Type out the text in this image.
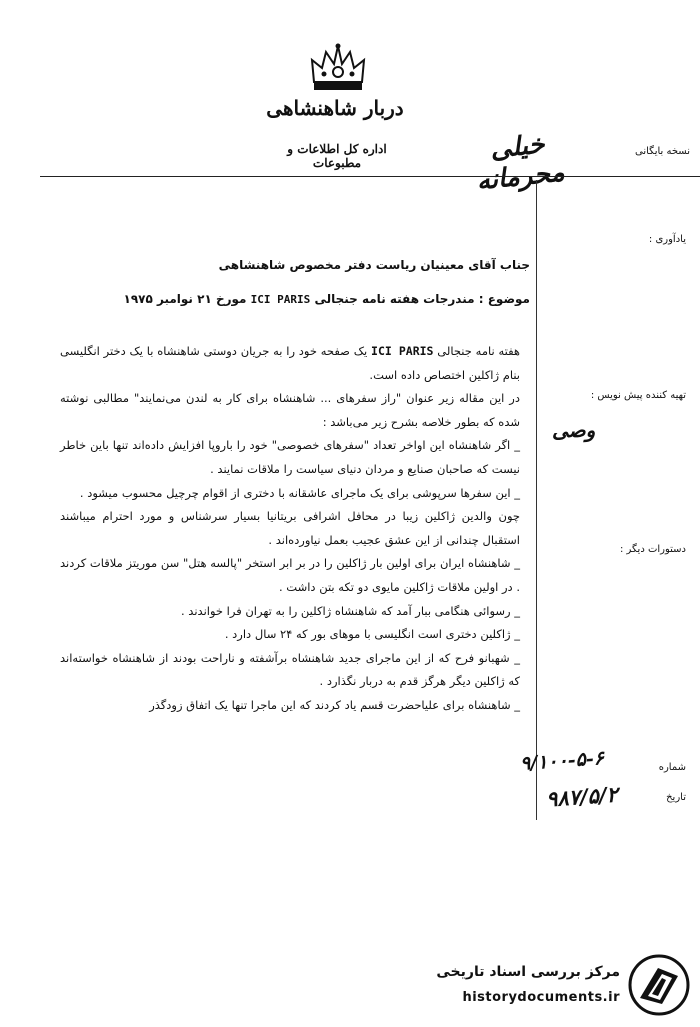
دربار شاهنشاهی
اداره کل اطلاعات و مطبوعات	خیلی محرمانه
نسخه بایگانی
یادآوری :
تهیه کننده پیش نویس :
وصی
دستورات دیگر :
شماره
۹/۱۰۰-۵-۶
تاریخ
۹۸۷/۵/۲
جناب آقای معینیان ریاست دفتر مخصوص شاهنشاهی
موضوع : مندرجات هفته نامه جنجالی ICI PARIS مورخ ۲۱ نوامبر ۱۹۷۵

هفته نامه جنجالی ICI PARIS یک صفحه خود را به جریان دوستی شاهنشاه با یک دختر انگلیسی بنام ژاکلین اختصاص داده است.

در این مقاله زیر عنوان "راز سفرهای ... شاهنشاه برای کار به لندن می‌نمایند" مطالبی نوشته شده که بطور خلاصه بشرح زیر می‌باشد :

_ اگر شاهنشاه این اواخر تعداد "سفرهای خصوصی" خود را باروپا افزایش داده‌اند تنها باین خاطر نیست که صاحبان صنایع و مردان دنیای سیاست را ملاقات نمایند .

_ این سفرها سرپوشی برای یک ماجرای عاشقانه با دختری از اقوام چرچیل محسوب میشود .

چون والدین ژاکلین زیبا در محافل اشرافی بریتانیا بسیار سرشناس و مورد احترام میباشند استقبال چندانی از این عشق عجیب بعمل نیاورده‌اند .

_ شاهنشاه ایران برای اولین بار ژاکلین را در بر ابر استخر "پالسه هتل" سن موریتز ملاقات کردند . در اولین ملاقات ژاکلین مایوی دو تکه بتن داشت .

_ رسوائی هنگامی ببار آمد که شاهنشاه ژاکلین را به تهران فرا خواندند .

_ ژاکلین دختری است انگلیسی با موهای بور که ۲۴ سال دارد .

_ شهبانو فرح که از این ماجرای جدید شاهنشاه برآشفته و ناراحت بودند از شاهنشاه خواسته‌اند که ژاکلین دیگر هرگز قدم به دربار نگذارد .

_ شاهنشاه برای علیاحضرت قسم یاد کردند که این ماجرا تنها یک اتفاق زودگذر

مرکز بررسی اسناد تاریخی
historydocuments.ir
